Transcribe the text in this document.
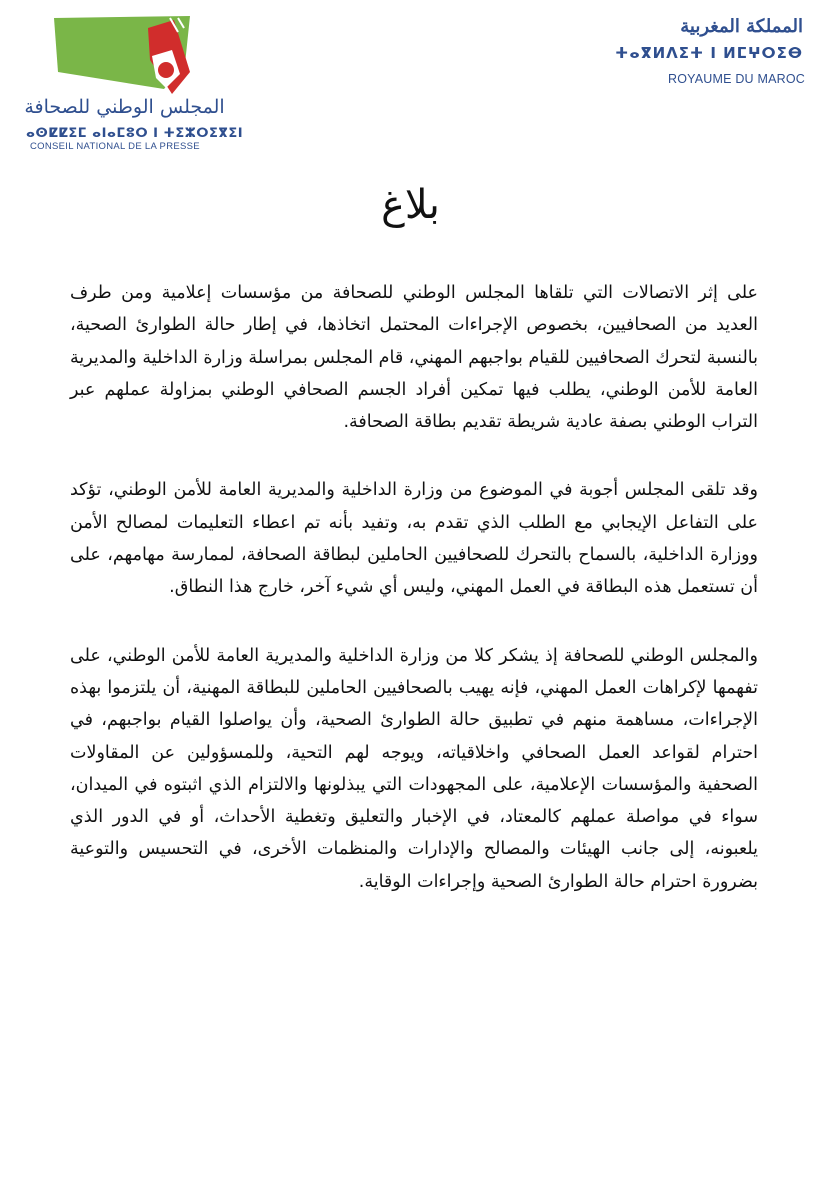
المجلس الوطني للصحافة
ⴰⵙⵇⵇⵉⵎ ⴰⵏⴰⵎⵓⵔ ⵏ ⵜⵉⵣⵔⵉⴳⵉⵏ
CONSEIL NATIONAL DE LA PRESSE
المملكة المغربية
ⵜⴰⴳⵍⴷⵉⵜ ⵏ ⵍⵎⵖⵔⵉⴱ
ROYAUME DU MAROC
بلاغ

على إثر الاتصالات التي تلقاها المجلس الوطني للصحافة من مؤسسات إعلامية ومن طرف العديد من الصحافيين، بخصوص الإجراءات المحتمل اتخاذها، في إطار حالة الطوارئ الصحية، بالنسبة لتحرك الصحافيين للقيام بواجبهم المهني، قام المجلس بمراسلة وزارة الداخلية والمديرية العامة للأمن الوطني، يطلب فيها تمكين أفراد الجسم الصحافي الوطني بمزاولة عملهم عبر التراب الوطني بصفة عادية شريطة تقديم بطاقة الصحافة.

وقد تلقى المجلس أجوبة في الموضوع من وزارة الداخلية والمديرية العامة للأمن الوطني، تؤكد على التفاعل الإيجابي مع الطلب الذي تقدم به، وتفيد بأنه تم اعطاء التعليمات لمصالح الأمن ووزارة الداخلية، بالسماح بالتحرك للصحافيين الحاملين لبطاقة الصحافة، لممارسة مهامهم، على أن تستعمل هذه البطاقة في العمل المهني، وليس أي شيء آخر، خارج هذا النطاق.

والمجلس الوطني للصحافة إذ يشكر كلا من وزارة الداخلية والمديرية العامة للأمن الوطني، على تفهمها لإكراهات العمل المهني، فإنه يهيب بالصحافيين الحاملين للبطاقة المهنية، أن يلتزموا بهذه الإجراءات، مساهمة منهم في تطبيق حالة الطوارئ الصحية، وأن يواصلوا القيام بواجبهم، في احترام لقواعد العمل الصحافي واخلاقياته، ويوجه لهم التحية، وللمسؤولين عن المقاولات الصحفية والمؤسسات الإعلامية، على المجهودات التي يبذلونها والالتزام الذي اثبتوه في الميدان، سواء في مواصلة عملهم كالمعتاد، في الإخبار والتعليق وتغطية الأحداث، أو في الدور الذي يلعبونه، إلى جانب الهيئات والمصالح والإدارات والمنظمات الأخرى، في التحسيس والتوعية بضرورة احترام حالة الطوارئ الصحية وإجراءات الوقاية.
